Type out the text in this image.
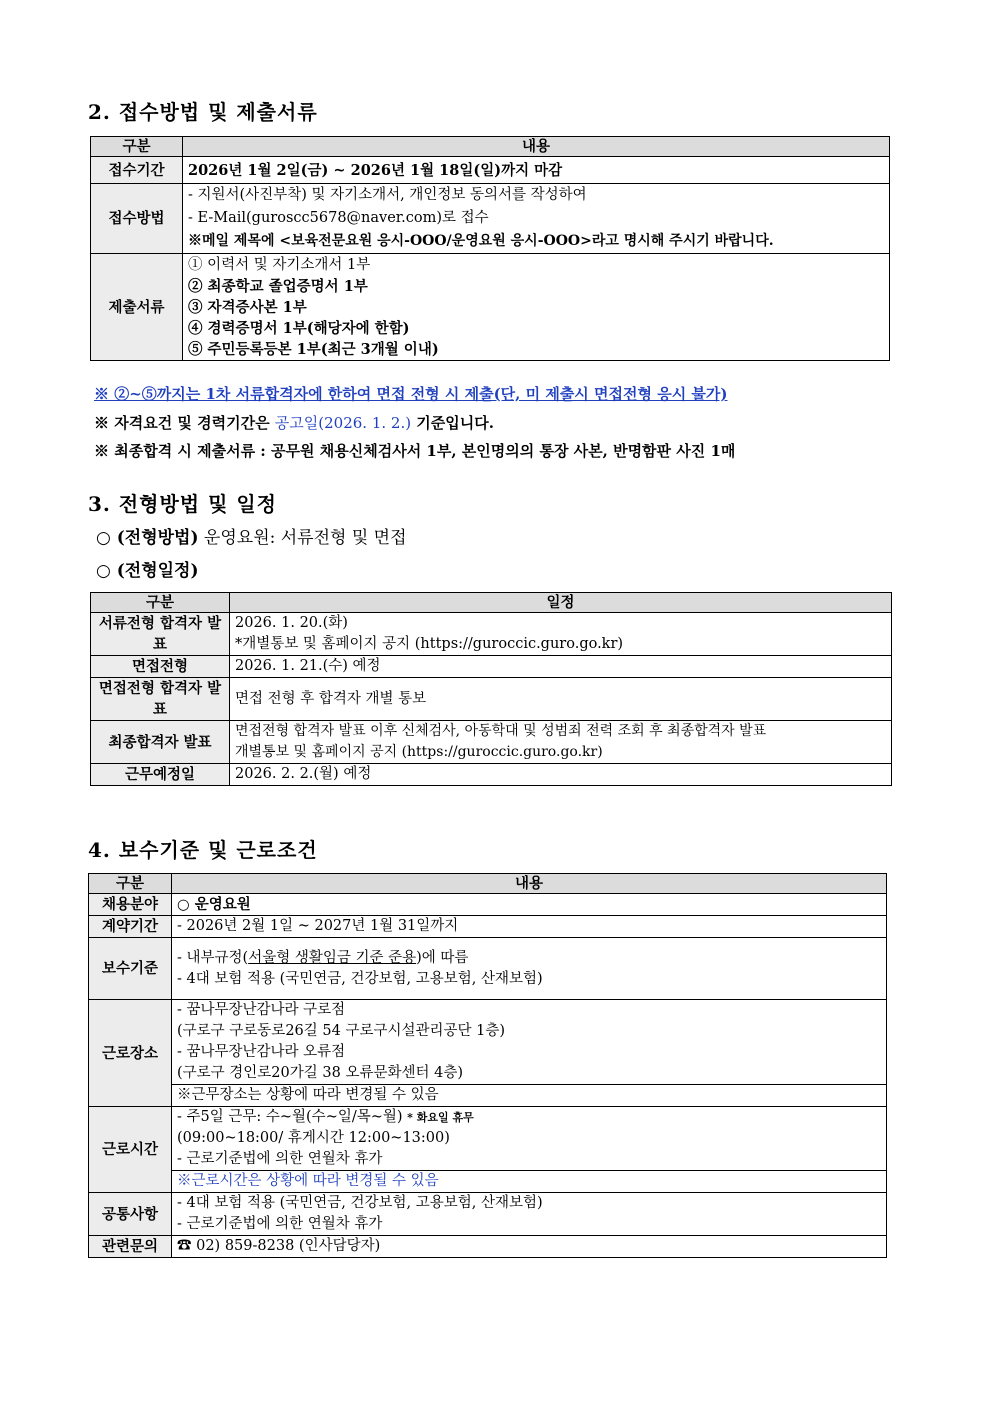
2. 접수방법 및 제출서류
구분	내용
접수기간	2026년 1월 2일(금) ~ 2026년 1월 18일(일)까지 마감
접수방법	- 지원서(사진부착) 및 자기소개서, 개인정보 동의서를 작성하여
- E-Mail(guroscc5678@naver.com)로 접수
※메일 제목에 <보육전문요원 응시-OOO/운영요원 응시-OOO>라고 명시해 주시기 바랍니다.

제출서류	① 이력서 및 자기소개서 1부
② 최종학교 졸업증명서 1부
③ 자격증사본 1부
④ 경력증명서 1부(해당자에 한함)
⑤ 주민등록등본 1부(최근 3개월 이내)

※ ②~⑤까지는 1차 서류합격자에 한하여 면접 전형 시 제출(단, 미 제출시 면접전형 응시 불가)

※ 자격요건 및 경력기간은 공고일(2026. 1. 2.) 기준입니다.

※ 최종합격 시 제출서류 : 공무원 채용신체검사서 1부, 본인명의의 통장 사본, 반명함판 사진 1매

3. 전형방법 및 일정

○ (전형방법) 운영요원: 서류전형 및 면접

○ (전형일정)

구분	일정
서류전형 합격자 발표	2026. 1. 20.(화)
*개별통보 및 홈페이지 공지 (https://guroccic.guro.go.kr)

면접전형	2026. 1. 21.(수) 예정
면접전형 합격자 발표	면접 전형 후 합격자 개별 통보
최종합격자 발표	면접전형 합격자 발표 이후 신체검사, 아동학대 및 성범죄 전력 조회 후 최종합격자 발표
개별통보 및 홈페이지 공지 (https://guroccic.guro.go.kr)

근무예정일	2026. 2. 2.(월) 예정
4. 보수기준 및 근로조건
구분	내용
채용분야	○ 운영요원
계약기간	- 2026년 2월 1일 ~ 2027년 1월 31일까지
보수기준	- 내부규정(서울형 생활임금 기준 준용)에 따름
- 4대 보험 적용 (국민연금, 건강보험, 고용보험, 산재보험)

근로장소	- 꿈나무장난감나라 구로점
(구로구 구로동로26길 54 구로구시설관리공단 1층)
- 꿈나무장난감나라 오류점
(구로구 경인로20가길 38 오류문화센터 4층)

	※근무장소는 상황에 따라 변경될 수 있음
근로시간	- 주5일 근무: 수~월(수~일/목~월) * 화요일 휴무
(09:00~18:00/ 휴게시간 12:00~13:00)
- 근로기준법에 의한 연월차 휴가

	※근로시간은 상황에 따라 변경될 수 있음
공통사항	- 4대 보험 적용 (국민연금, 건강보험, 고용보험, 산재보험)
- 근로기준법에 의한 연월차 휴가

관련문의	☎ 02) 859-8238 (인사담당자)
